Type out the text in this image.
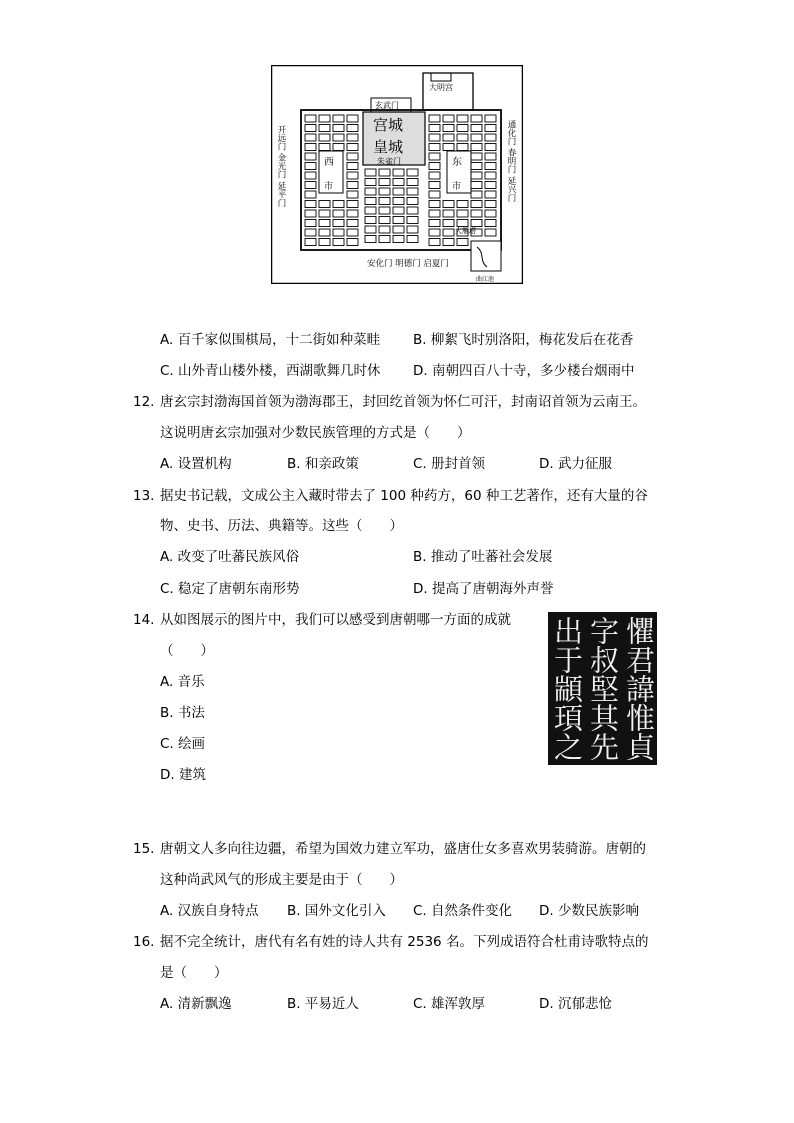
大明宫
玄武门
宫城
皇城
朱雀门
西
市
东
市
安化门 明德门 启夏门
大雁塔
曲江池
开远门 金光门 延平门	通化门 春明门 延兴门
A. 百千家似围棋局，十二街如种菜畦 B. 柳絮飞时别洛阳，梅花发后在花香
C. 山外青山楼外楼，西湖歌舞几时休 D. 南朝四百八十寺，多少楼台烟雨中
12. 唐玄宗封渤海国首领为渤海郡王，封回纥首领为怀仁可汗，封南诏首领为云南王。
这说明唐玄宗加强对少数民族管理的方式是（　　）
A. 设置机构	B. 和亲政策	C. 册封首领	D. 武力征服
13. 据史书记载，文成公主入藏时带去了 100 种药方，60 种工艺著作，还有大量的谷
物、史书、历法、典籍等。这些（　　）
A. 改变了吐蕃民族风俗	B. 推动了吐蕃社会发展
C. 稳定了唐朝东南形势	D. 提高了唐朝海外声誉
14. 从如图展示的图片中，我们可以感受到唐朝哪一方面的成就
（　　）
A. 音乐
B. 书法
C. 绘画
D. 建筑
懼君諱惟貞
字叔堅其先
出于顓頊之
15. 唐朝文人多向往边疆，希望为国效力建立军功，盛唐仕女多喜欢男装骑游。唐朝的
这种尚武风气的形成主要是由于（　　）
A. 汉族自身特点 B. 国外文化引入 C. 自然条件变化 D. 少数民族影响
16. 据不完全统计，唐代有名有姓的诗人共有 2536 名。下列成语符合杜甫诗歌特点的
是（　　）
A. 清新飘逸	B. 平易近人	C. 雄浑敦厚	D. 沉郁悲怆
